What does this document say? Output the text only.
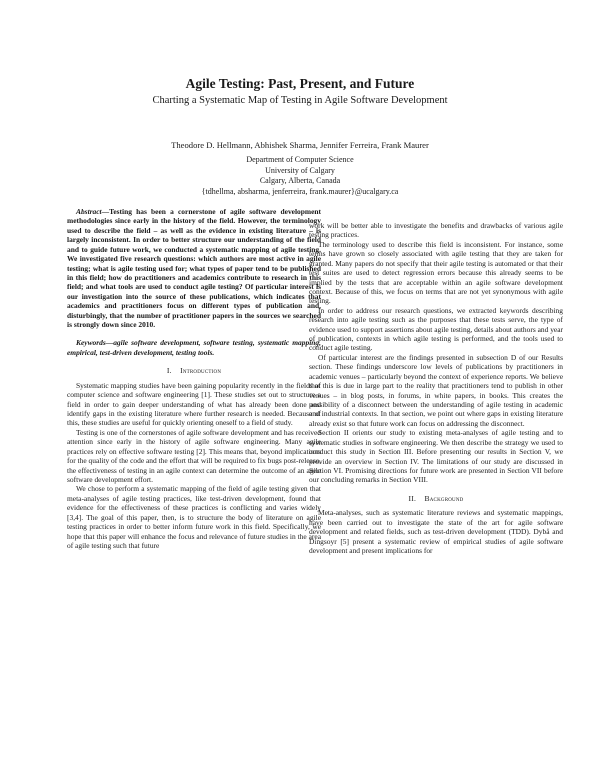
Agile Testing: Past, Present, and Future
Charting a Systematic Map of Testing in Agile Software Development
Theodore D. Hellmann, Abhishek Sharma, Jennifer Ferreira, Frank Maurer
Department of Computer Science
University of Calgary
Calgary, Alberta, Canada
{tdhellma, absharma, jenferreira, frank.maurer}@ucalgary.ca

Abstract—Testing has been a cornerstone of agile software development methodologies since early in the history of the field. However, the terminology used to describe the field – as well as the evidence in existing literature – is largely inconsistent. In order to better structure our understanding of the field and to guide future work, we conducted a systematic mapping of agile testing. We investigated five research questions: which authors are most active in agile testing; what is agile testing used for; what types of paper tend to be published in this field; how do practitioners and academics contribute to research in this field; and what tools are used to conduct agile testing? Of particular interest is our investigation into the source of these publications, which indicates that academics and practitioners focus on different types of publication and, disturbingly, that the number of practitioner papers in the sources we searched is strongly down since 2010.

Keywords—agile software development, software testing, systematic mapping, empirical, test-driven development, testing tools.

I. Introduction

Systematic mapping studies have been gaining popularity recently in the fields of computer science and software engineering [1]. These studies set out to structure a field in order to gain deeper understanding of what has already been done and identify gaps in the existing literature where further research is needed. Because of this, these studies are useful for quickly orienting oneself to a field of study.

Testing is one of the cornerstones of agile software development and has received attention since early in the history of agile software engineering. Many agile practices rely on effective software testing [2]. This means that, beyond implications for the quality of the code and the effort that will be required to fix bugs post-release, the effectiveness of testing in an agile context can determine the outcome of an agile software development effort.

We chose to perform a systematic mapping of the field of agile testing given that meta-analyses of agile testing practices, like test-driven development, found that evidence for the effectiveness of these practices is conflicting and varies widely [3,4]. The goal of this paper, then, is to structure the body of literature on agile testing practices in order to better inform future work in this field. Specifically, we hope that this paper will enhance the focus and relevance of future studies in the area of agile testing such that future

work will be better able to investigate the benefits and drawbacks of various agile testing practices.

The terminology used to describe this field is inconsistent. For instance, some terms have grown so closely associated with agile testing that they are taken for granted. Many papers do not specify that their agile testing is automated or that their test suites are used to detect regression errors because this already seems to be implied by the tests that are acceptable within an agile software development context. Because of this, we focus on terms that are not yet synonymous with agile testing.

In order to address our research questions, we extracted keywords describing research into agile testing such as the purposes that these tests serve, the type of evidence used to support assertions about agile testing, details about authors and year of publication, contexts in which agile testing is performed, and the tools used to conduct agile testing.

Of particular interest are the findings presented in subsection D of our Results section. These findings underscore low levels of publications by practitioners in academic venues – particularly beyond the context of experience reports. We believe that this is due in large part to the reality that practitioners tend to publish in other venues – in blog posts, in forums, in white papers, in books. This creates the possibility of a disconnect between the understanding of agile testing in academic and industrial contexts. In that section, we point out where gaps in existing literature already exist so that future work can focus on addressing the disconnect.

Section II orients our study to existing meta-analyses of agile testing and to systematic studies in software engineering. We then describe the strategy we used to conduct this study in Section III. Before presenting our results in Section V, we provide an overview in Section IV. The limitations of our study are discussed in Section VI. Promising directions for future work are presented in Section VII before our concluding remarks in Section VIII.

II. Background

Meta-analyses, such as systematic literature reviews and systematic mappings, have been carried out to investigate the state of the art for agile software development and related fields, such as test-driven development (TDD). Dybå and Dingsoyr [5] present a systematic review of empirical studies of agile software development and present implications for
